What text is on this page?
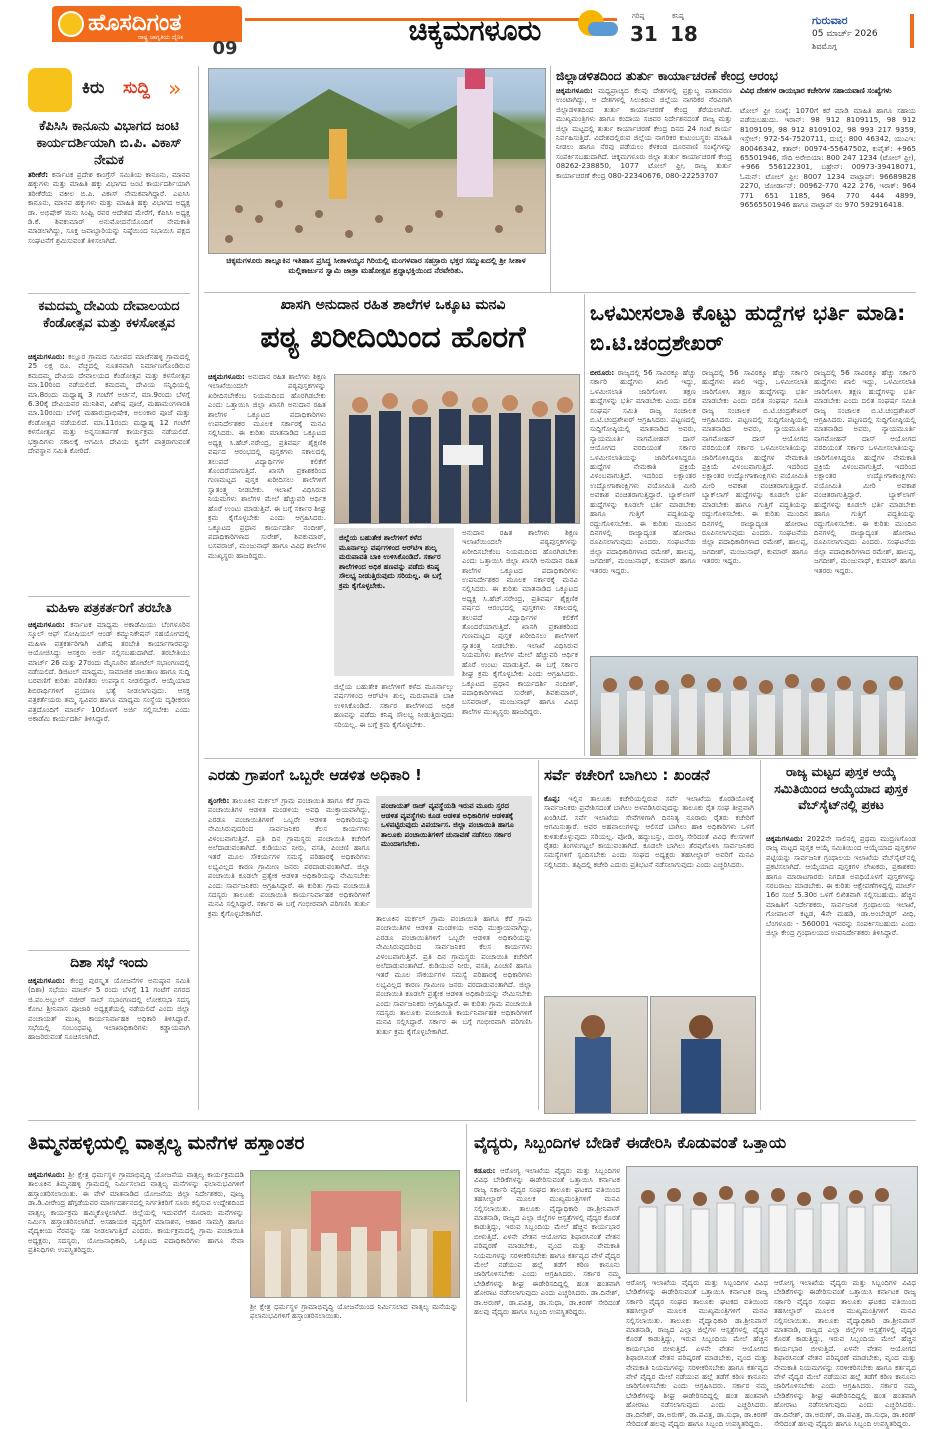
ಹೊಸದಿಗಂತ
ರಾಷ್ಟ್ರ ಜಾಗೃತಿಯ ದೈನಿಕ
09
ಚಿಕ್ಕಮಗಳೂರು	ಗರಿಷ್ಠ
31
ಕನಿಷ್ಠ
18
ಗುರುವಾರ
05 ಮಾರ್ಚ್ 2026
ಶಿವಮೊಗ್ಗ
ಕಿರು ಸುದ್ದಿ »
ಕೆಪಿಸಿಸಿ ಕಾನೂನು ವಿಭಾಗದ ಜಂಟಿ ಕಾರ್ಯದರ್ಶಿಯಾಗಿ ಬಿ.ಪಿ. ವಿಕಾಸ್ ನೇಮಕ
ತರೀಕೆರೆ: ಕರ್ನಾಟಕ ಪ್ರದೇಶ ಕಾಂಗ್ರೆಸ್ ಸಮಿತಿಯ ಕಾನೂನು, ಮಾನವ ಹಕ್ಕುಗಳು ಮತ್ತು ಮಾಹಿತಿ ಹಕ್ಕು ವಿಭಾಗದ ಜಂಟಿ ಕಾರ್ಯದರ್ಶಿಯಾಗಿ ತರೀಕೆರೆಯ ವಕೀಲ ಬಿ.ಪಿ. ವಿಕಾಸ್ ನೇಮಕವಾಗಿದ್ದಾರೆ. ಎಐಸಿಸಿ ಕಾನೂನು, ಮಾನವ ಹಕ್ಕುಗಳು ಮತ್ತು ಮಾಹಿತಿ ಹಕ್ಕು ವಿಭಾಗದ ಅಧ್ಯಕ್ಷ ಡಾ. ಅಭಿಷೇಕ್ ಮನು ಸಿಂಘ್ವಿ ರವರ ಆದೇಶದ ಮೇರೆಗೆ, ಕೆಪಿಸಿಸಿ ಅಧ್ಯಕ್ಷ ಡಿ.ಕೆ. ಶಿವಕುಮಾರ್ ಅನುಮೋದನೆಯೊಂದಿಗೆ ನೇಮಕಾತಿ ಮಾಡಲಾಗಿದ್ದು, ಸೂಕ್ತ ಜವಾಬ್ದಾರಿಯನ್ನು ನಿಷ್ಠೆಯಿಂದ ನಿಭಾಯಿಸಿ ಪಕ್ಷದ ಸಂಘಟನೆಗೆ ಶ್ರಮಿಸುವಂತೆ ತಿಳಿಸಲಾಗಿದೆ.
ಕಮದಮ್ಮ ದೇವಿಯ ದೇವಾಲಯದ ಕೆಂಡೋತ್ಸವ ಮತ್ತು ಕಳಸೋತ್ಸವ
ಚಿಕ್ಕಮಗಳೂರು: ಕಲ್ಲೂರ ಗ್ರಾಮದ ಸಮೀಪದ ಮಾಚೆನಹಳ್ಳಿ ಗ್ರಾಮದಲ್ಲಿ 25 ಲಕ್ಷ ರೂ. ವೆಚ್ಚದಲ್ಲಿ ನೂತನವಾಗಿ ನಿರ್ಮಾಣಗೊಂಡಿರುವ ಕಮದಮ್ಮ ದೇವಿಯ ದೇವಾಲಯದ ಕೆಂಡೋತ್ಸವ ಮತ್ತು ಕಳಸೋತ್ಸವ ಮಾ.10ರಿಂದ ನಡೆಯಲಿದೆ. ಕಮದಮ್ಮ ದೇವಿಯ ಸನ್ನಿಧಿಯಲ್ಲಿ ಮಾ.8ರಂದು ಮಧ್ಯಾಹ್ನ 3 ಗಂಟೆಗೆ ಅರ್ಚನೆ, ಮಾ.9ರಂದು ಬೆಳಗ್ಗೆ 6.30ಕ್ಕೆ ದೇವಿಯವರ ಮುನಿಶಿವ, ವಿಶೇಷ ಪೂಜೆ, ಮಹಾಮಂಗಳಾರತಿ ಮಾ.10ರಂದು ಬೆಳಗ್ಗೆ ಮಹಾರುದ್ರಾಭಿಷೇಕ, ಅಲಂಕಾರ ಪೂಜೆ ಮತ್ತು ಕೆಂಡೋತ್ಸವ ನಡೆಯಲಿದೆ. ಮಾ.11ರಂದು ಮಧ್ಯಾಹ್ನ 12 ಗಂಟೆಗೆ ಕಳಸೋತ್ಸವ ಮತ್ತು ಅನ್ನಸಂತರ್ಪಣೆ ಕಾರ್ಯಕ್ರಮ ನಡೆಯಲಿದೆ. ಭಕ್ತಾದಿಗಳು ಸಕಾಲಕ್ಕೆ ಆಗಮಿಸಿ ದೇವಿಯ ಕೃಪೆಗೆ ಪಾತ್ರರಾಗುವಂತೆ ದೇವಸ್ಥಾನ ಸಮಿತಿ ಕೋರಿದೆ.
ಮಹಿಳಾ ಪತ್ರಕರ್ತರಿಗೆ ತರಬೇತಿ
ಚಿಕ್ಕಮಗಳೂರು: ಕರ್ನಾಟಕ ಮಾಧ್ಯಮ ಅಕಾಡೆಮಿಯು ಬೆಂಗಳೂರಿನ ಸ್ಕೂಲ್ ಆಫ್ ಸೋಷಿಯಲ್ ಆಂಡ್ ಕಮ್ಯುನಿಕೇಷನ್ ಸಹಯೋಗದಲ್ಲಿ ಮಹಿಳಾ ಪತ್ರಕರ್ತರಿಗಾಗಿ ವಿಶೇಷ ತರಬೇತಿ ಕಾರ್ಯಾಗಾರವನ್ನು ಆಯೋಜಿಸಿದ್ದು ಆಸಕ್ತರು ಅರ್ಜಿ ಸಲ್ಲಿಸಬಹುದಾಗಿದೆ. ತರಬೇತಿಯು ಮಾರ್ಚ್ 26 ಮತ್ತು 27ರಂದು ಮೈಸೂರಿನ ಹೋಟೆಲ್ ಸಭಾಂಗಣದಲ್ಲಿ ನಡೆಯಲಿದೆ. ಡಿಜಿಟಲ್ ಮಾಧ್ಯಮ, ಸಾಮಾಜಿಕ ಜಾಲತಾಣ ಹಾಗೂ ಸುದ್ದಿ ಬರವಣಿಗೆ ಕುರಿತು ಪರಿಣಿತರು ಉಪನ್ಯಾಸ ನೀಡಲಿದ್ದಾರೆ. ಆಯ್ಕೆಯಾದ ಶಿಬಿರಾರ್ಥಿಗಳಿಗೆ ಪ್ರಯಾಣ ಭತ್ಯೆ ನೀಡಲಾಗುವುದು. ಆಸಕ್ತ ಪತ್ರಕರ್ತೆಯರು ತಮ್ಮ ಸ್ವವಿವರ ಹಾಗೂ ಮಾಧ್ಯಮ ಸಂಸ್ಥೆಯ ದೃಢೀಕರಣ ಪತ್ರದೊಂದಿಗೆ ಮಾರ್ಚ್ 10ರೊಳಗೆ ಅರ್ಜಿ ಸಲ್ಲಿಸಬೇಕು ಎಂದು ಅಕಾಡೆಮಿ ಕಾರ್ಯದರ್ಶಿ ತಿಳಿಸಿದ್ದಾರೆ.
ದಿಶಾ ಸಭೆ ಇಂದು
ಚಿಕ್ಕಮಗಳೂರು: ಕೇಂದ್ರ ಪುರಸ್ಕೃತ ಯೋಜನೆಗಳ ಅನುಷ್ಠಾನ ಸಮಿತಿ (ದಿಶಾ) ಸಭೆಯು ಮಾರ್ಚ್ 5 ರಂದು ಬೆಳಗ್ಗೆ 11 ಗಂಟೆಗೆ ನಗರದ ಜಿ.ಪಂ.ಅಬ್ದುಲ್ ನಜೀರ್ ಸಾಬ್ ಸಭಾಂಗಣದಲ್ಲಿ ಲೋಕಸಭಾ ಸದಸ್ಯ ಕೋಟ ಶ್ರೀನಿವಾಸ ಪೂಜಾರಿ ಅಧ್ಯಕ್ಷತೆಯಲ್ಲಿ ನಡೆಯಲಿದೆ ಎಂದು ಜಿಲ್ಲಾ ಪಂಚಾಯತ್ ಮುಖ್ಯ ಕಾರ್ಯನಿರ್ವಾಹಕ ಅಧಿಕಾರಿ ತಿಳಿಸಿದ್ದಾರೆ. ಸಭೆಯಲ್ಲಿ ಸಂಬಂಧಪಟ್ಟ ಇಲಾಖಾಧಿಕಾರಿಗಳು ಕಡ್ಡಾಯವಾಗಿ ಹಾಜರಿರುವಂತೆ ಸೂಚಿಸಲಾಗಿದೆ.
ಚಿಕ್ಕಮಗಳೂರು ತಾಲ್ಲೂಕಿನ ಇತಿಹಾಸ ಪ್ರಸಿದ್ಧ ಸೀತಾಳಯ್ಯನ ಗಿರಿಯಲ್ಲಿ ಮಂಗಳವಾರ ಸಹಸ್ರಾರು ಭಕ್ತರ ಸಮ್ಮುಖದಲ್ಲಿ ಶ್ರೀ ಸೀತಾಳ ಮಲ್ಲಿಕಾರ್ಜುನ ಸ್ವಾಮಿ ಜಾತ್ರಾ ಮಹೋತ್ಸವ ಶ್ರದ್ಧಾಭಕ್ತಿಯಿಂದ ನೆರವೇರಿತು.
ಜಿಲ್ಲಾಡಳಿತದಿಂದ ತುರ್ತು ಕಾರ್ಯಾಚರಣೆ ಕೇಂದ್ರ ಆರಂಭ
ಚಿಕ್ಕಮಗಳೂರು: ಮಧ್ಯಪ್ರಾಚ್ಯದ ಕೆಲವು ದೇಶಗಳಲ್ಲಿ ಪ್ರಕ್ಷುಬ್ಧ ವಾತಾವರಣ ಉಂಟಾಗಿದ್ದು, ಆ ದೇಶಗಳಲ್ಲಿ ಸಿಲುಕಿರುವ ಜಿಲ್ಲೆಯ ನಾಗರಿಕರ ನೆರವಿಗಾಗಿ ಜಿಲ್ಲಾಡಳಿತದಿಂದ ತುರ್ತು ಕಾರ್ಯಾಚರಣೆ ಕೇಂದ್ರ ತೆರೆಯಲಾಗಿದೆ. ಮುಖ್ಯಮಂತ್ರಿಗಳು ಹಾಗೂ ಕಂದಾಯ ಸಚಿವರ ನಿರ್ದೇಶನದಂತೆ ರಾಜ್ಯ ಮತ್ತು ಜಿಲ್ಲಾ ಮಟ್ಟದಲ್ಲಿ ತುರ್ತು ಕಾರ್ಯಾಚರಣೆ ಕೇಂದ್ರ ದಿನದ 24 ಗಂಟೆ ಕಾರ್ಯ ನಿರ್ವಹಿಸುತ್ತಿದೆ. ವಿದೇಶದಲ್ಲಿರುವ ಜಿಲ್ಲೆಯ ನಾಗರಿಕರ ಕುಟುಂಬಸ್ಥರು ಮಾಹಿತಿ ನೀಡಲು ಹಾಗೂ ನೆರವು ಪಡೆಯಲು ಕೆಳಕಂಡ ದೂರವಾಣಿ ಸಂಖ್ಯೆಗಳನ್ನು ಸಂಪರ್ಕಿಸಬಹುದಾಗಿದೆ. ಚಿಕ್ಕಮಗಳೂರು ಜಿಲ್ಲಾ ತುರ್ತು ಕಾರ್ಯಾಚರಣೆ ಕೇಂದ್ರ 08262-238850, 1077 ಟೋಲ್ ಫ್ರೀ, ರಾಜ್ಯ ತುರ್ತು ಕಾರ್ಯಾಚರಣೆ ಕೇಂದ್ರ 080-22340676, 080-22253707
ವಿವಿಧ ದೇಶಗಳ ರಾಯಭಾರ ಕಚೇರಿಗಳ ಸಹಾಯವಾಣಿ ಸಂಖ್ಯೆಗಳು
ಟೋಲ್ ಫ್ರೀ ಸಂಖ್ಯೆ: 1070ಗೆ ಕರೆ ಮಾಡಿ ಮಾಹಿತಿ ಹಾಗೂ ಸಹಾಯ ಪಡೆಯಬಹುದು. ಇರಾನ್: 98 912 8109115, 98 912 8109109, 98 912 8109102, 98 993 217 9359, ಇಸ್ರೇಲ್: 972-54-7520711, ದುಬೈ: 800 46342, ಯುಎಇ: 80046342, ಕತಾರ್: 00974-55647502, ಕುವೈತ್: +965 65501946, ಸೌದಿ ಅರೇಬಿಯಾ: 800 247 1234 (ಟೋಲ್ ಫ್ರೀ), +966 556122301, ಬಹ್ರೇನ್: 00973-39418071, ಓಮನ್: ಟೋಲ್ ಫ್ರೀ: 8007 1234 ವಾಟ್ಸಾಪ್: 96689828 2270, ಜೋರ್ಡಾನ್: 00962-770 422 276, ಇರಾಕ್: 964 771 651 1185, 964 770 444 4899, 96565501946 ಹಾಗೂ ವಾಟ್ಸಾಪ್ ನಂ 970 592916418.
ಖಾಸಗಿ ಅನುದಾನ ರಹಿತ ಶಾಲೆಗಳ ಒಕ್ಕೂಟ ಮನವಿ
ಪಠ್ಯ ಖರೀದಿಯಿಂದ ಹೊರಗೆ
ಚಿಕ್ಕಮಗಳೂರು: ಅನುದಾನ ರಹಿತ ಶಾಲೆಗಳು ಶಿಕ್ಷಣ ಇಲಾಖೆಯಿಂದಲೇ ಪಠ್ಯಪುಸ್ತಕಗಳನ್ನು ಖರೀದಿಸಬೇಕೆಂಬ ನಿಯಮದಿಂದ ಹೊರಗಿಡಬೇಕು ಎಂದು ಒತ್ತಾಯಿಸಿ ಜಿಲ್ಲಾ ಖಾಸಗಿ ಅನುದಾನ ರಹಿತ ಶಾಲೆಗಳ ಒಕ್ಕೂಟದ ಪದಾಧಿಕಾರಿಗಳು ಉಪನಿರ್ದೇಶಕರ ಮೂಲಕ ಸರ್ಕಾರಕ್ಕೆ ಮನವಿ ಸಲ್ಲಿಸಿದರು. ಈ ಕುರಿತು ಮಾತನಾಡಿದ ಒಕ್ಕೂಟದ ಅಧ್ಯಕ್ಷ ಸಿ.ಹೆಚ್.ನರೇಂದ್ರ, ಪ್ರತಿವರ್ಷ ಶೈಕ್ಷಣಿಕ ವರ್ಷದ ಆರಂಭದಲ್ಲಿ ಪುಸ್ತಕಗಳು ಸಕಾಲದಲ್ಲಿ ತಲುಪದೆ ವಿದ್ಯಾರ್ಥಿಗಳ ಕಲಿಕೆಗೆ ತೊಂದರೆಯಾಗುತ್ತಿದೆ. ಖಾಸಗಿ ಪ್ರಕಾಶಕರಿಂದ ಗುಣಮಟ್ಟದ ಪುಸ್ತಕ ಖರೀದಿಸಲು ಶಾಲೆಗಳಿಗೆ ಸ್ವಾತಂತ್ರ್ಯ ನೀಡಬೇಕು. ಇಲಾಖೆ ವಿಧಿಸಿರುವ ನಿಯಮಗಳು ಶಾಲೆಗಳ ಮೇಲೆ ಹೆಚ್ಚುವರಿ ಆರ್ಥಿಕ ಹೊರೆ ಉಂಟು ಮಾಡುತ್ತಿವೆ. ಈ ಬಗ್ಗೆ ಸರ್ಕಾರ ಶೀಘ್ರ ಕ್ರಮ ಕೈಗೊಳ್ಳಬೇಕು ಎಂದು ಆಗ್ರಹಿಸಿದರು. ಒಕ್ಕೂಟದ ಪ್ರಧಾನ ಕಾರ್ಯದರ್ಶಿ ನಂದೀಶ್, ಪದಾಧಿಕಾರಿಗಳಾದ ಸುರೇಶ್, ಶಿವಕುಮಾರ್, ಬಸವರಾಜ್, ಮಂಜುನಾಥ್ ಹಾಗೂ ವಿವಿಧ ಶಾಲೆಗಳ ಮುಖ್ಯಸ್ಥರು ಹಾಜರಿದ್ದರು.
ಜಿಲ್ಲೆಯ ಬಹುತೇಕ ಶಾಲೆಗಳಿಗೆ ಕಳೆದ ಮೂರ್ನಾಲ್ಕು ವರ್ಷಗಳಿಂದ ಆರ್‌ಟಿಇ ಶುಲ್ಕ ಮರುಪಾವತಿ ಬಾಕಿ ಉಳಿಸಿಕೊಂಡಿದೆ. ಸರ್ಕಾರ ಶಾಲೆಗಳಿಂದ ಅಧಿಕ ಹಣವನ್ನು ಪಡೆದು ಕನಿಷ್ಠ ಸೌಲಭ್ಯ ನೀಡುತ್ತಿರುವುದು ಸರಿಯಲ್ಲ. ಈ ಬಗ್ಗೆ ಕ್ರಮ ಕೈಗೊಳ್ಳಬೇಕು.
ಅನುದಾನ ರಹಿತ ಶಾಲೆಗಳು ಶಿಕ್ಷಣ ಇಲಾಖೆಯಿಂದಲೇ ಪಠ್ಯಪುಸ್ತಕಗಳನ್ನು ಖರೀದಿಸಬೇಕೆಂಬ ನಿಯಮದಿಂದ ಹೊರಗಿಡಬೇಕು ಎಂದು ಒತ್ತಾಯಿಸಿ ಜಿಲ್ಲಾ ಖಾಸಗಿ ಅನುದಾನ ರಹಿತ ಶಾಲೆಗಳ ಒಕ್ಕೂಟದ ಪದಾಧಿಕಾರಿಗಳು ಉಪನಿರ್ದೇಶಕರ ಮೂಲಕ ಸರ್ಕಾರಕ್ಕೆ ಮನವಿ ಸಲ್ಲಿಸಿದರು. ಈ ಕುರಿತು ಮಾತನಾಡಿದ ಒಕ್ಕೂಟದ ಅಧ್ಯಕ್ಷ ಸಿ.ಹೆಚ್.ನರೇಂದ್ರ, ಪ್ರತಿವರ್ಷ ಶೈಕ್ಷಣಿಕ ವರ್ಷದ ಆರಂಭದಲ್ಲಿ ಪುಸ್ತಕಗಳು ಸಕಾಲದಲ್ಲಿ ತಲುಪದೆ ವಿದ್ಯಾರ್ಥಿಗಳ ಕಲಿಕೆಗೆ ತೊಂದರೆಯಾಗುತ್ತಿದೆ. ಖಾಸಗಿ ಪ್ರಕಾಶಕರಿಂದ ಗುಣಮಟ್ಟದ ಪುಸ್ತಕ ಖರೀದಿಸಲು ಶಾಲೆಗಳಿಗೆ ಸ್ವಾತಂತ್ರ್ಯ ನೀಡಬೇಕು. ಇಲಾಖೆ ವಿಧಿಸಿರುವ ನಿಯಮಗಳು ಶಾಲೆಗಳ ಮೇಲೆ ಹೆಚ್ಚುವರಿ ಆರ್ಥಿಕ ಹೊರೆ ಉಂಟು ಮಾಡುತ್ತಿವೆ. ಈ ಬಗ್ಗೆ ಸರ್ಕಾರ ಶೀಘ್ರ ಕ್ರಮ ಕೈಗೊಳ್ಳಬೇಕು ಎಂದು ಆಗ್ರಹಿಸಿದರು. ಒಕ್ಕೂಟದ ಪ್ರಧಾನ ಕಾರ್ಯದರ್ಶಿ ನಂದೀಶ್, ಪದಾಧಿಕಾರಿಗಳಾದ ಸುರೇಶ್, ಶಿವಕುಮಾರ್, ಬಸವರಾಜ್, ಮಂಜುನಾಥ್ ಹಾಗೂ ವಿವಿಧ ಶಾಲೆಗಳ ಮುಖ್ಯಸ್ಥರು ಹಾಜರಿದ್ದರು.
ಜಿಲ್ಲೆಯ ಬಹುತೇಕ ಶಾಲೆಗಳಿಗೆ ಕಳೆದ ಮೂರ್ನಾಲ್ಕು ವರ್ಷಗಳಿಂದ ಆರ್‌ಟಿಇ ಶುಲ್ಕ ಮರುಪಾವತಿ ಬಾಕಿ ಉಳಿಸಿಕೊಂಡಿದೆ. ಸರ್ಕಾರ ಶಾಲೆಗಳಿಂದ ಅಧಿಕ ಹಣವನ್ನು ಪಡೆದು ಕನಿಷ್ಠ ಸೌಲಭ್ಯ ನೀಡುತ್ತಿರುವುದು ಸರಿಯಲ್ಲ. ಈ ಬಗ್ಗೆ ಕ್ರಮ ಕೈಗೊಳ್ಳಬೇಕು.
ಒಳಮೀಸಲಾತಿ ಕೊಟ್ಟು ಹುದ್ದೆಗಳ ಭರ್ತಿ ಮಾಡಿ: ಬಿ.ಟಿ.ಚಂದ್ರಶೇಖರ್
ಬೀರೂರು: ರಾಜ್ಯದಲ್ಲಿ 56 ಸಾವಿರಕ್ಕೂ ಹೆಚ್ಚು ಸರ್ಕಾರಿ ಹುದ್ದೆಗಳು ಖಾಲಿ ಇದ್ದು, ಒಳಮೀಸಲಾತಿ ಜಾರಿಗೊಳಿಸಿ ತಕ್ಷಣ ಹುದ್ದೆಗಳನ್ನು ಭರ್ತಿ ಮಾಡಬೇಕು ಎಂದು ದಲಿತ ಸಂಘರ್ಷ ಸಮಿತಿ ರಾಜ್ಯ ಸಂಚಾಲಕ ಬಿ.ಟಿ.ಚಂದ್ರಶೇಖರ್ ಆಗ್ರಹಿಸಿದರು. ಪಟ್ಟಣದಲ್ಲಿ ಸುದ್ದಿಗೋಷ್ಠಿಯಲ್ಲಿ ಮಾತನಾಡಿದ ಅವರು, ನ್ಯಾಯಮೂರ್ತಿ ನಾಗಮೋಹನ್ ದಾಸ್ ಆಯೋಗದ ವರದಿಯಂತೆ ಸರ್ಕಾರ ಒಳಮೀಸಲಾತಿಯನ್ನು ಜಾರಿಗೊಳಿಸಿದ್ದರೂ ಹುದ್ದೆಗಳ ನೇಮಕಾತಿ ಪ್ರಕ್ರಿಯೆ ವಿಳಂಬವಾಗುತ್ತಿದೆ. ಇದರಿಂದ ಲಕ್ಷಾಂತರ ಉದ್ಯೋಗಾಕಾಂಕ್ಷಿಗಳು ವಯೋಮಿತಿ ಮೀರಿ ಅವಕಾಶ ವಂಚಿತರಾಗುತ್ತಿದ್ದಾರೆ. ಬ್ಯಾಕ್‌ಲಾಗ್ ಹುದ್ದೆಗಳನ್ನು ಕೂಡಲೇ ಭರ್ತಿ ಮಾಡಬೇಕು ಹಾಗೂ ಗುತ್ತಿಗೆ ಪದ್ಧತಿಯನ್ನು ರದ್ದುಗೊಳಿಸಬೇಕು. ಈ ಕುರಿತು ಮುಂದಿನ ದಿನಗಳಲ್ಲಿ ರಾಜ್ಯಾದ್ಯಂತ ಹೋರಾಟ ರೂಪಿಸಲಾಗುವುದು ಎಂದರು. ಸಂಘಟನೆಯ ಜಿಲ್ಲಾ ಪದಾಧಿಕಾರಿಗಳಾದ ರಮೇಶ್, ಹಾಲಪ್ಪ, ಜಗದೀಶ್, ಮಂಜುನಾಥ್, ಕುಮಾರ್ ಹಾಗೂ ಇತರರು ಇದ್ದರು.
ರಾಜ್ಯದಲ್ಲಿ 56 ಸಾವಿರಕ್ಕೂ ಹೆಚ್ಚು ಸರ್ಕಾರಿ ಹುದ್ದೆಗಳು ಖಾಲಿ ಇದ್ದು, ಒಳಮೀಸಲಾತಿ ಜಾರಿಗೊಳಿಸಿ ತಕ್ಷಣ ಹುದ್ದೆಗಳನ್ನು ಭರ್ತಿ ಮಾಡಬೇಕು ಎಂದು ದಲಿತ ಸಂಘರ್ಷ ಸಮಿತಿ ರಾಜ್ಯ ಸಂಚಾಲಕ ಬಿ.ಟಿ.ಚಂದ್ರಶೇಖರ್ ಆಗ್ರಹಿಸಿದರು. ಪಟ್ಟಣದಲ್ಲಿ ಸುದ್ದಿಗೋಷ್ಠಿಯಲ್ಲಿ ಮಾತನಾಡಿದ ಅವರು, ನ್ಯಾಯಮೂರ್ತಿ ನಾಗಮೋಹನ್ ದಾಸ್ ಆಯೋಗದ ವರದಿಯಂತೆ ಸರ್ಕಾರ ಒಳಮೀಸಲಾತಿಯನ್ನು ಜಾರಿಗೊಳಿಸಿದ್ದರೂ ಹುದ್ದೆಗಳ ನೇಮಕಾತಿ ಪ್ರಕ್ರಿಯೆ ವಿಳಂಬವಾಗುತ್ತಿದೆ. ಇದರಿಂದ ಲಕ್ಷಾಂತರ ಉದ್ಯೋಗಾಕಾಂಕ್ಷಿಗಳು ವಯೋಮಿತಿ ಮೀರಿ ಅವಕಾಶ ವಂಚಿತರಾಗುತ್ತಿದ್ದಾರೆ. ಬ್ಯಾಕ್‌ಲಾಗ್ ಹುದ್ದೆಗಳನ್ನು ಕೂಡಲೇ ಭರ್ತಿ ಮಾಡಬೇಕು ಹಾಗೂ ಗುತ್ತಿಗೆ ಪದ್ಧತಿಯನ್ನು ರದ್ದುಗೊಳಿಸಬೇಕು. ಈ ಕುರಿತು ಮುಂದಿನ ದಿನಗಳಲ್ಲಿ ರಾಜ್ಯಾದ್ಯಂತ ಹೋರಾಟ ರೂಪಿಸಲಾಗುವುದು ಎಂದರು. ಸಂಘಟನೆಯ ಜಿಲ್ಲಾ ಪದಾಧಿಕಾರಿಗಳಾದ ರಮೇಶ್, ಹಾಲಪ್ಪ, ಜಗದೀಶ್, ಮಂಜುನಾಥ್, ಕುಮಾರ್ ಹಾಗೂ ಇತರರು ಇದ್ದರು.
ರಾಜ್ಯದಲ್ಲಿ 56 ಸಾವಿರಕ್ಕೂ ಹೆಚ್ಚು ಸರ್ಕಾರಿ ಹುದ್ದೆಗಳು ಖಾಲಿ ಇದ್ದು, ಒಳಮೀಸಲಾತಿ ಜಾರಿಗೊಳಿಸಿ ತಕ್ಷಣ ಹುದ್ದೆಗಳನ್ನು ಭರ್ತಿ ಮಾಡಬೇಕು ಎಂದು ದಲಿತ ಸಂಘರ್ಷ ಸಮಿತಿ ರಾಜ್ಯ ಸಂಚಾಲಕ ಬಿ.ಟಿ.ಚಂದ್ರಶೇಖರ್ ಆಗ್ರಹಿಸಿದರು. ಪಟ್ಟಣದಲ್ಲಿ ಸುದ್ದಿಗೋಷ್ಠಿಯಲ್ಲಿ ಮಾತನಾಡಿದ ಅವರು, ನ್ಯಾಯಮೂರ್ತಿ ನಾಗಮೋಹನ್ ದಾಸ್ ಆಯೋಗದ ವರದಿಯಂತೆ ಸರ್ಕಾರ ಒಳಮೀಸಲಾತಿಯನ್ನು ಜಾರಿಗೊಳಿಸಿದ್ದರೂ ಹುದ್ದೆಗಳ ನೇಮಕಾತಿ ಪ್ರಕ್ರಿಯೆ ವಿಳಂಬವಾಗುತ್ತಿದೆ. ಇದರಿಂದ ಲಕ್ಷಾಂತರ ಉದ್ಯೋಗಾಕಾಂಕ್ಷಿಗಳು ವಯೋಮಿತಿ ಮೀರಿ ಅವಕಾಶ ವಂಚಿತರಾಗುತ್ತಿದ್ದಾರೆ. ಬ್ಯಾಕ್‌ಲಾಗ್ ಹುದ್ದೆಗಳನ್ನು ಕೂಡಲೇ ಭರ್ತಿ ಮಾಡಬೇಕು ಹಾಗೂ ಗುತ್ತಿಗೆ ಪದ್ಧತಿಯನ್ನು ರದ್ದುಗೊಳಿಸಬೇಕು. ಈ ಕುರಿತು ಮುಂದಿನ ದಿನಗಳಲ್ಲಿ ರಾಜ್ಯಾದ್ಯಂತ ಹೋರಾಟ ರೂಪಿಸಲಾಗುವುದು ಎಂದರು. ಸಂಘಟನೆಯ ಜಿಲ್ಲಾ ಪದಾಧಿಕಾರಿಗಳಾದ ರಮೇಶ್, ಹಾಲಪ್ಪ, ಜಗದೀಶ್, ಮಂಜುನಾಥ್, ಕುಮಾರ್ ಹಾಗೂ ಇತರರು ಇದ್ದರು.
ಎರಡು ಗ್ರಾಪಂಗೆ ಒಬ್ಬರೇ ಆಡಳಿತ ಅಧಿಕಾರಿ !
ಶೃಂಗೇರಿ: ತಾಲೂಕಿನ ಮರ್ಕಲ್ ಗ್ರಾಮ ಪಂಚಾಯಿತಿ ಹಾಗೂ ಕೆರೆ ಗ್ರಾಮ ಪಂಚಾಯಿತಿಗಳ ಆಡಳಿತ ಮಂಡಳಿಯ ಅವಧಿ ಮುಕ್ತಾಯವಾಗಿದ್ದು, ಎರಡೂ ಪಂಚಾಯಿತಿಗಳಿಗೆ ಒಬ್ಬರೇ ಆಡಳಿತ ಅಧಿಕಾರಿಯನ್ನು ನೇಮಿಸಿರುವುದರಿಂದ ಸಾರ್ವಜನಿಕರ ಕೆಲಸ ಕಾರ್ಯಗಳು ವಿಳಂಬವಾಗುತ್ತಿವೆ. ಪ್ರತಿ ದಿನ ಗ್ರಾಮಸ್ಥರು ಪಂಚಾಯಿತಿ ಕಚೇರಿಗೆ ಅಲೆದಾಡುವಂತಾಗಿದೆ. ಕುಡಿಯುವ ನೀರು, ವಸತಿ, ಪಿಂಚಣಿ ಹಾಗೂ ಇತರೆ ಮೂಲ ಸೌಕರ್ಯಗಳ ಸಮಸ್ಯೆ ಪರಿಹಾರಕ್ಕೆ ಅಧಿಕಾರಿಗಳು ಲಭ್ಯವಿಲ್ಲದ ಕಾರಣ ಗ್ರಾಮೀಣ ಜನರು ಪರದಾಡುವಂತಾಗಿದೆ. ಜಿಲ್ಲಾ ಪಂಚಾಯಿತಿ ಕೂಡಲೇ ಪ್ರತ್ಯೇಕ ಆಡಳಿತ ಅಧಿಕಾರಿಯನ್ನು ನೇಮಿಸಬೇಕು ಎಂದು ಸಾರ್ವಜನಿಕರು ಆಗ್ರಹಿಸಿದ್ದಾರೆ. ಈ ಕುರಿತು ಗ್ರಾಮ ಪಂಚಾಯಿತಿ ಸದಸ್ಯರು ತಾಲೂಕು ಪಂಚಾಯಿತಿ ಕಾರ್ಯನಿರ್ವಾಹಕ ಅಧಿಕಾರಿಗಳಿಗೆ ಮನವಿ ಸಲ್ಲಿಸಿದ್ದಾರೆ. ಸರ್ಕಾರ ಈ ಬಗ್ಗೆ ಗಂಭೀರವಾಗಿ ಪರಿಗಣಿಸಿ ತುರ್ತು ಕ್ರಮ ಕೈಗೊಳ್ಳಬೇಕಾಗಿದೆ.
ಪಂಚಾಯತ್ ರಾಜ್ ವ್ಯವಸ್ಥೆಯಡಿ ಇರುವ ಮೂರು ಸ್ತರದ ಆಡಳಿತ ವ್ಯವಸ್ಥೆಗಳು ಕೂಡ ಆಡಳಿತ ಅಧಿಕಾರಿಗಳ ಆಡಳಿತಕ್ಕೆ ಒಳಪಟ್ಟಿರುವುದು ವಿಪರ್ಯಾಸ. ಜಿಲ್ಲಾ ಪಂಚಾಯಿತಿ ಹಾಗೂ ತಾಲೂಕು ಪಂಚಾಯಿತಿಗಳಿಗೆ ಚುನಾವಣೆ ನಡೆಸಲು ಸರ್ಕಾರ ಮುಂದಾಗಬೇಕು.
ತಾಲೂಕಿನ ಮರ್ಕಲ್ ಗ್ರಾಮ ಪಂಚಾಯಿತಿ ಹಾಗೂ ಕೆರೆ ಗ್ರಾಮ ಪಂಚಾಯಿತಿಗಳ ಆಡಳಿತ ಮಂಡಳಿಯ ಅವಧಿ ಮುಕ್ತಾಯವಾಗಿದ್ದು, ಎರಡೂ ಪಂಚಾಯಿತಿಗಳಿಗೆ ಒಬ್ಬರೇ ಆಡಳಿತ ಅಧಿಕಾರಿಯನ್ನು ನೇಮಿಸಿರುವುದರಿಂದ ಸಾರ್ವಜನಿಕರ ಕೆಲಸ ಕಾರ್ಯಗಳು ವಿಳಂಬವಾಗುತ್ತಿವೆ. ಪ್ರತಿ ದಿನ ಗ್ರಾಮಸ್ಥರು ಪಂಚಾಯಿತಿ ಕಚೇರಿಗೆ ಅಲೆದಾಡುವಂತಾಗಿದೆ. ಕುಡಿಯುವ ನೀರು, ವಸತಿ, ಪಿಂಚಣಿ ಹಾಗೂ ಇತರೆ ಮೂಲ ಸೌಕರ್ಯಗಳ ಸಮಸ್ಯೆ ಪರಿಹಾರಕ್ಕೆ ಅಧಿಕಾರಿಗಳು ಲಭ್ಯವಿಲ್ಲದ ಕಾರಣ ಗ್ರಾಮೀಣ ಜನರು ಪರದಾಡುವಂತಾಗಿದೆ. ಜಿಲ್ಲಾ ಪಂಚಾಯಿತಿ ಕೂಡಲೇ ಪ್ರತ್ಯೇಕ ಆಡಳಿತ ಅಧಿಕಾರಿಯನ್ನು ನೇಮಿಸಬೇಕು ಎಂದು ಸಾರ್ವಜನಿಕರು ಆಗ್ರಹಿಸಿದ್ದಾರೆ. ಈ ಕುರಿತು ಗ್ರಾಮ ಪಂಚಾಯಿತಿ ಸದಸ್ಯರು ತಾಲೂಕು ಪಂಚಾಯಿತಿ ಕಾರ್ಯನಿರ್ವಾಹಕ ಅಧಿಕಾರಿಗಳಿಗೆ ಮನವಿ ಸಲ್ಲಿಸಿದ್ದಾರೆ. ಸರ್ಕಾರ ಈ ಬಗ್ಗೆ ಗಂಭೀರವಾಗಿ ಪರಿಗಣಿಸಿ ತುರ್ತು ಕ್ರಮ ಕೈಗೊಳ್ಳಬೇಕಾಗಿದೆ.
ಸರ್ವೆ ಕಚೇರಿಗೆ ಬಾಗಿಲು : ಖಂಡನೆ
ಕೊಪ್ಪ: ಇಲ್ಲಿನ ತಾಲೂಕು ಕಚೇರಿಯಲ್ಲಿರುವ ಸರ್ವೆ ಇಲಾಖೆಯ ಕೊಠಡಿಯೊಳಕ್ಕೆ ಸಾರ್ವಜನಿಕರು ಪ್ರವೇಶಿಸದಂತೆ ಬಾಗಿಲು ಅಳವಡಿಸಿರುವುದನ್ನು ತಾಲೂಕು ರೈತ ಸಂಘ ತೀವ್ರವಾಗಿ ಖಂಡಿಸಿದೆ. ಸರ್ವೆ ಇಲಾಖೆಯ ಸೇವೆಗಳಿಗಾಗಿ ದಿನನಿತ್ಯ ನೂರಾರು ರೈತರು ಕಚೇರಿಗೆ ಆಗಮಿಸುತ್ತಾರೆ. ಅವರ ಅಹವಾಲುಗಳನ್ನು ಆಲಿಸದೆ ಬಾಗಿಲು ಹಾಕಿ ಅಧಿಕಾರಿಗಳು ಒಳಗೆ ಕುಳಿತುಕೊಳ್ಳುವುದು ಸರಿಯಲ್ಲ. ಪೋಡಿ, ಹದ್ದುಬಸ್ತು, ದುರಸ್ತಿ ಸೇರಿದಂತೆ ವಿವಿಧ ಕೆಲಸಗಳಿಗೆ ರೈತರು ತಿಂಗಳುಗಟ್ಟಲೆ ಕಾಯುವಂತಾಗಿದೆ. ಕೂಡಲೇ ಬಾಗಿಲು ತೆರವುಗೊಳಿಸಿ ಸಾರ್ವಜನಿಕರ ಸಮಸ್ಯೆಗಳಿಗೆ ಸ್ಪಂದಿಸಬೇಕು ಎಂದು ಸಂಘದ ಅಧ್ಯಕ್ಷರು ತಹಸೀಲ್ದಾರ್ ಅವರಿಗೆ ಮನವಿ ಸಲ್ಲಿಸಿದರು. ತಪ್ಪಿದಲ್ಲಿ ಕಚೇರಿ ಎದುರು ಪ್ರತಿಭಟನೆ ನಡೆಸಲಾಗುವುದು ಎಂದು ಎಚ್ಚರಿಸಿದರು.
ರಾಜ್ಯ ಮಟ್ಟದ ಪುಸ್ತಕ ಆಯ್ಕೆ ಸಮಿತಿಯಿಂದ ಆಯ್ಕೆಯಾದ ಪುಸ್ತಕ ವೆಬ್‌ಸೈಟ್‌ನಲ್ಲಿ ಪ್ರಕಟ
ಚಿಕ್ಕಮಗಳೂರು: 2022ನೇ ಸಾಲಿನಲ್ಲಿ ಪ್ರಥಮ ಮುದ್ರಣಗೊಂಡ ರಾಜ್ಯ ಮಟ್ಟದ ಪುಸ್ತಕ ಆಯ್ಕೆ ಸಮಿತಿಯಿಂದ ಆಯ್ಕೆಯಾದ ಪುಸ್ತಕಗಳ ಪಟ್ಟಿಯನ್ನು ಸಾರ್ವಜನಿಕ ಗ್ರಂಥಾಲಯ ಇಲಾಖೆಯ ವೆಬ್‌ಸೈಟ್‌ನಲ್ಲಿ ಪ್ರಕಟಿಸಲಾಗಿದೆ. ಆಯ್ಕೆಯಾದ ಪುಸ್ತಕಗಳ ಲೇಖಕರು, ಪ್ರಕಾಶಕರು ಹಾಗೂ ಮಾರಾಟಗಾರರು ನಿಗದಿತ ಅವಧಿಯೊಳಗೆ ಪುಸ್ತಕಗಳನ್ನು ಸರಬರಾಜು ಮಾಡಬೇಕು. ಈ ಕುರಿತು ಆಕ್ಷೇಪಣೆಗಳಿದ್ದಲ್ಲಿ ಮಾರ್ಚ್ 16ರ ಸಂಜೆ 5.30ರ ಒಳಗೆ ಲಿಖಿತವಾಗಿ ಸಲ್ಲಿಸಬಹುದು. ಹೆಚ್ಚಿನ ಮಾಹಿತಿಗೆ ನಿರ್ದೇಶಕರು, ಸಾರ್ವಜನಿಕ ಗ್ರಂಥಾಲಯ ಇಲಾಖೆ, ಗೋಪಾಲನ್ ಕಟ್ಟಡ, 4ನೇ ಮಹಡಿ, ಡಾ.ಅಂಬೇಡ್ಕರ್ ವೀಧಿ, ಬೆಂಗಳೂರು - 560001 ಇವರನ್ನು ಸಂಪರ್ಕಿಸಬಹುದು ಎಂದು ಜಿಲ್ಲಾ ಕೇಂದ್ರ ಗ್ರಂಥಾಲಯದ ಉಪನಿರ್ದೇಶಕರು ತಿಳಿಸಿದ್ದಾರೆ.
ತಿಮ್ಮನಹಳ್ಳಿಯಲ್ಲಿ ವಾತ್ಸಲ್ಯ ಮನೆಗಳ ಹಸ್ತಾಂತರ
ಚಿಕ್ಕಮಗಳೂರು: ಶ್ರೀ ಕ್ಷೇತ್ರ ಧರ್ಮಸ್ಥಳ ಗ್ರಾಮಾಭಿವೃದ್ಧಿ ಯೋಜನೆಯ ವಾತ್ಸಲ್ಯ ಕಾರ್ಯಕ್ರಮದಡಿ ತಾಲೂಕಿನ ತಿಮ್ಮನಹಳ್ಳಿ ಗ್ರಾಮದಲ್ಲಿ ನಿರ್ಮಿಸಲಾದ ವಾತ್ಸಲ್ಯ ಮನೆಗಳನ್ನು ಫಲಾನುಭವಿಗಳಿಗೆ ಹಸ್ತಾಂತರಿಸಲಾಯಿತು. ಈ ವೇಳೆ ಮಾತನಾಡಿದ ಯೋಜನೆಯ ಜಿಲ್ಲಾ ನಿರ್ದೇಶಕರು, ಪೂಜ್ಯ ಡಾ.ಡಿ.ವೀರೇಂದ್ರ ಹೆಗ್ಗಡೆಯವರ ಮಾರ್ಗದರ್ಶನದಲ್ಲಿ ನಿರ್ಗತಿಕರಿಗೆ ಸೂರು ಕಲ್ಪಿಸುವ ಉದ್ದೇಶದಿಂದ ವಾತ್ಸಲ್ಯ ಕಾರ್ಯಕ್ರಮ ಹಮ್ಮಿಕೊಳ್ಳಲಾಗಿದೆ. ಜಿಲ್ಲೆಯಲ್ಲಿ ಇದುವರೆಗೆ ನೂರಾರು ಮನೆಗಳನ್ನು ನಿರ್ಮಿಸಿ ಹಸ್ತಾಂತರಿಸಲಾಗಿದೆ. ಅಸಹಾಯಕ ವೃದ್ಧರಿಗೆ ಮಾಸಾಶನ, ಆಹಾರ ಸಾಮಗ್ರಿ ಹಾಗೂ ವೈದ್ಯಕೀಯ ನೆರವನ್ನು ಸಹ ನೀಡಲಾಗುತ್ತಿದೆ ಎಂದರು. ಕಾರ್ಯಕ್ರಮದಲ್ಲಿ ಗ್ರಾಮ ಪಂಚಾಯಿತಿ ಅಧ್ಯಕ್ಷರು, ಸದಸ್ಯರು, ಯೋಜನಾಧಿಕಾರಿ, ಒಕ್ಕೂಟದ ಪದಾಧಿಕಾರಿಗಳು ಹಾಗೂ ಸೇವಾ ಪ್ರತಿನಿಧಿಗಳು ಉಪಸ್ಥಿತರಿದ್ದರು.
ಶ್ರೀ ಕ್ಷೇತ್ರ ಧರ್ಮಸ್ಥಳ ಗ್ರಾಮಾಭಿವೃದ್ಧಿ ಯೋಜನೆಯಿಂದ ನಿರ್ಮಿಸಲಾದ ವಾತ್ಸಲ್ಯ ಮನೆಯನ್ನು ಫಲಾನುಭವಿಗಳಿಗೆ ಹಸ್ತಾಂತರಿಸಲಾಯಿತು.
ವೈದ್ಯರು, ಸಿಬ್ಬಂದಿಗಳ ಬೇಡಿಕೆ ಈಡೇರಿಸಿ ಕೊಡುವಂತೆ ಒತ್ತಾಯ
ಕಡೂರು: ಆರೋಗ್ಯ ಇಲಾಖೆಯ ವೈದ್ಯರು ಮತ್ತು ಸಿಬ್ಬಂದಿಗಳ ವಿವಿಧ ಬೇಡಿಕೆಗಳನ್ನು ಈಡೇರಿಸುವಂತೆ ಒತ್ತಾಯಿಸಿ ಕರ್ನಾಟಕ ರಾಜ್ಯ ಸರ್ಕಾರಿ ವೈದ್ಯರ ಸಂಘದ ತಾಲೂಕು ಘಟಕದ ವತಿಯಿಂದ ತಹಸೀಲ್ದಾರ್ ಮೂಲಕ ಮುಖ್ಯಮಂತ್ರಿಗಳಿಗೆ ಮನವಿ ಸಲ್ಲಿಸಲಾಯಿತು. ತಾಲೂಕು ವೈದ್ಯಾಧಿಕಾರಿ ಡಾ.ಶ್ರೀನಿವಾಸ್ ಮಾತನಾಡಿ, ರಾಜ್ಯದ ಎಲ್ಲಾ ಜಿಲ್ಲೆಗಳ ಆಸ್ಪತ್ರೆಗಳಲ್ಲಿ ವೈದ್ಯರ ಕೊರತೆ ಕಾಡುತ್ತಿದ್ದು, ಇರುವ ಸಿಬ್ಬಂದಿಯ ಮೇಲೆ ಹೆಚ್ಚಿನ ಕಾರ್ಯಭಾರ ಬೀಳುತ್ತಿದೆ. ಏಳನೇ ವೇತನ ಆಯೋಗದ ಶಿಫಾರಸಿನಂತೆ ವೇತನ ಪರಿಷ್ಕರಣೆ ಮಾಡಬೇಕು, ವೃಂದ ಮತ್ತು ನೇಮಕಾತಿ ನಿಯಮಗಳನ್ನು ಸರಳೀಕರಿಸಬೇಕು ಹಾಗೂ ಕರ್ತವ್ಯದ ವೇಳೆ ವೈದ್ಯರ ಮೇಲೆ ನಡೆಯುವ ಹಲ್ಲೆ ತಡೆಗೆ ಕಠಿಣ ಕಾನೂನು ಜಾರಿಗೊಳಿಸಬೇಕು ಎಂದು ಆಗ್ರಹಿಸಿದರು. ಸರ್ಕಾರ ನಮ್ಮ ಬೇಡಿಕೆಗಳನ್ನು ಶೀಘ್ರ ಈಡೇರಿಸದಿದ್ದಲ್ಲಿ ಹಂತ ಹಂತವಾಗಿ ಹೋರಾಟ ನಡೆಸಲಾಗುವುದು ಎಂದು ಎಚ್ಚರಿಸಿದರು. ಡಾ.ದಿನೇಶ್, ಡಾ.ಅರುಣ್, ಡಾ.ಪವಿತ್ರ, ಡಾ.ಸುಧಾ, ಡಾ.ಕಿರಣ್ ಸೇರಿದಂತೆ ಹಲವು ವೈದ್ಯರು ಹಾಗೂ ಸಿಬ್ಬಂದಿ ಉಪಸ್ಥಿತರಿದ್ದರು.
ಆರೋಗ್ಯ ಇಲಾಖೆಯ ವೈದ್ಯರು ಮತ್ತು ಸಿಬ್ಬಂದಿಗಳ ವಿವಿಧ ಬೇಡಿಕೆಗಳನ್ನು ಈಡೇರಿಸುವಂತೆ ಒತ್ತಾಯಿಸಿ ಕರ್ನಾಟಕ ರಾಜ್ಯ ಸರ್ಕಾರಿ ವೈದ್ಯರ ಸಂಘದ ತಾಲೂಕು ಘಟಕದ ವತಿಯಿಂದ ತಹಸೀಲ್ದಾರ್ ಮೂಲಕ ಮುಖ್ಯಮಂತ್ರಿಗಳಿಗೆ ಮನವಿ ಸಲ್ಲಿಸಲಾಯಿತು. ತಾಲೂಕು ವೈದ್ಯಾಧಿಕಾರಿ ಡಾ.ಶ್ರೀನಿವಾಸ್ ಮಾತನಾಡಿ, ರಾಜ್ಯದ ಎಲ್ಲಾ ಜಿಲ್ಲೆಗಳ ಆಸ್ಪತ್ರೆಗಳಲ್ಲಿ ವೈದ್ಯರ ಕೊರತೆ ಕಾಡುತ್ತಿದ್ದು, ಇರುವ ಸಿಬ್ಬಂದಿಯ ಮೇಲೆ ಹೆಚ್ಚಿನ ಕಾರ್ಯಭಾರ ಬೀಳುತ್ತಿದೆ. ಏಳನೇ ವೇತನ ಆಯೋಗದ ಶಿಫಾರಸಿನಂತೆ ವೇತನ ಪರಿಷ್ಕರಣೆ ಮಾಡಬೇಕು, ವೃಂದ ಮತ್ತು ನೇಮಕಾತಿ ನಿಯಮಗಳನ್ನು ಸರಳೀಕರಿಸಬೇಕು ಹಾಗೂ ಕರ್ತವ್ಯದ ವೇಳೆ ವೈದ್ಯರ ಮೇಲೆ ನಡೆಯುವ ಹಲ್ಲೆ ತಡೆಗೆ ಕಠಿಣ ಕಾನೂನು ಜಾರಿಗೊಳಿಸಬೇಕು ಎಂದು ಆಗ್ರಹಿಸಿದರು. ಸರ್ಕಾರ ನಮ್ಮ ಬೇಡಿಕೆಗಳನ್ನು ಶೀಘ್ರ ಈಡೇರಿಸದಿದ್ದಲ್ಲಿ ಹಂತ ಹಂತವಾಗಿ ಹೋರಾಟ ನಡೆಸಲಾಗುವುದು ಎಂದು ಎಚ್ಚರಿಸಿದರು. ಡಾ.ದಿನೇಶ್, ಡಾ.ಅರುಣ್, ಡಾ.ಪವಿತ್ರ, ಡಾ.ಸುಧಾ, ಡಾ.ಕಿರಣ್ ಸೇರಿದಂತೆ ಹಲವು ವೈದ್ಯರು ಹಾಗೂ ಸಿಬ್ಬಂದಿ ಉಪಸ್ಥಿತರಿದ್ದರು.
ಆರೋಗ್ಯ ಇಲಾಖೆಯ ವೈದ್ಯರು ಮತ್ತು ಸಿಬ್ಬಂದಿಗಳ ವಿವಿಧ ಬೇಡಿಕೆಗಳನ್ನು ಈಡೇರಿಸುವಂತೆ ಒತ್ತಾಯಿಸಿ ಕರ್ನಾಟಕ ರಾಜ್ಯ ಸರ್ಕಾರಿ ವೈದ್ಯರ ಸಂಘದ ತಾಲೂಕು ಘಟಕದ ವತಿಯಿಂದ ತಹಸೀಲ್ದಾರ್ ಮೂಲಕ ಮುಖ್ಯಮಂತ್ರಿಗಳಿಗೆ ಮನವಿ ಸಲ್ಲಿಸಲಾಯಿತು. ತಾಲೂಕು ವೈದ್ಯಾಧಿಕಾರಿ ಡಾ.ಶ್ರೀನಿವಾಸ್ ಮಾತನಾಡಿ, ರಾಜ್ಯದ ಎಲ್ಲಾ ಜಿಲ್ಲೆಗಳ ಆಸ್ಪತ್ರೆಗಳಲ್ಲಿ ವೈದ್ಯರ ಕೊರತೆ ಕಾಡುತ್ತಿದ್ದು, ಇರುವ ಸಿಬ್ಬಂದಿಯ ಮೇಲೆ ಹೆಚ್ಚಿನ ಕಾರ್ಯಭಾರ ಬೀಳುತ್ತಿದೆ. ಏಳನೇ ವೇತನ ಆಯೋಗದ ಶಿಫಾರಸಿನಂತೆ ವೇತನ ಪರಿಷ್ಕರಣೆ ಮಾಡಬೇಕು, ವೃಂದ ಮತ್ತು ನೇಮಕಾತಿ ನಿಯಮಗಳನ್ನು ಸರಳೀಕರಿಸಬೇಕು ಹಾಗೂ ಕರ್ತವ್ಯದ ವೇಳೆ ವೈದ್ಯರ ಮೇಲೆ ನಡೆಯುವ ಹಲ್ಲೆ ತಡೆಗೆ ಕಠಿಣ ಕಾನೂನು ಜಾರಿಗೊಳಿಸಬೇಕು ಎಂದು ಆಗ್ರಹಿಸಿದರು. ಸರ್ಕಾರ ನಮ್ಮ ಬೇಡಿಕೆಗಳನ್ನು ಶೀಘ್ರ ಈಡೇರಿಸದಿದ್ದಲ್ಲಿ ಹಂತ ಹಂತವಾಗಿ ಹೋರಾಟ ನಡೆಸಲಾಗುವುದು ಎಂದು ಎಚ್ಚರಿಸಿದರು. ಡಾ.ದಿನೇಶ್, ಡಾ.ಅರುಣ್, ಡಾ.ಪವಿತ್ರ, ಡಾ.ಸುಧಾ, ಡಾ.ಕಿರಣ್ ಸೇರಿದಂತೆ ಹಲವು ವೈದ್ಯರು ಹಾಗೂ ಸಿಬ್ಬಂದಿ ಉಪಸ್ಥಿತರಿದ್ದರು.
